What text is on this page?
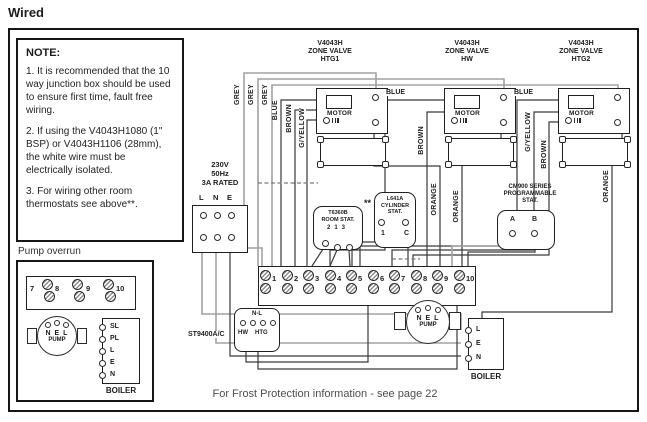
Wired
NOTE:

1. It is recommended that the 10 way junction box should be used to ensure first time, fault free wiring.

2. If using the V4043H1080 (1" BSP) or V4043H1106 (28mm), the white wire must be electrically isolated.

3. For wiring other room thermostats see above**.

V4043H
ZONE VALVE
HTG1
V4043H
ZONE VALVE
HW
V4043H
ZONE VALVE
HTG2
MOTOR	MOTOR	MOTOR
GREY GREY GREY
BLUE BROWN G/YELLOW
BLUE
BROWN
ORANGE ORANGE
BLUE
G/YELLOW
BROWN
ORANGE
230V
50Hz
3A RATED
L N E
T6360B
ROOM STAT.
213
**	L641A
CYLINDER
STAT.
1	C
CM900 SERIES
PROGRAMMABLE
STAT.
A B
1 2 3 4 5 6 7 8 9 10
Pump overrun
7	8	9	10
N E L
PUMP
SL
PL
L
E
N
BOILER
ST9400A/C
N-L
HW HTG
N E L
PUMP
L
E
N
BOILER
For Frost Protection information - see page 22
